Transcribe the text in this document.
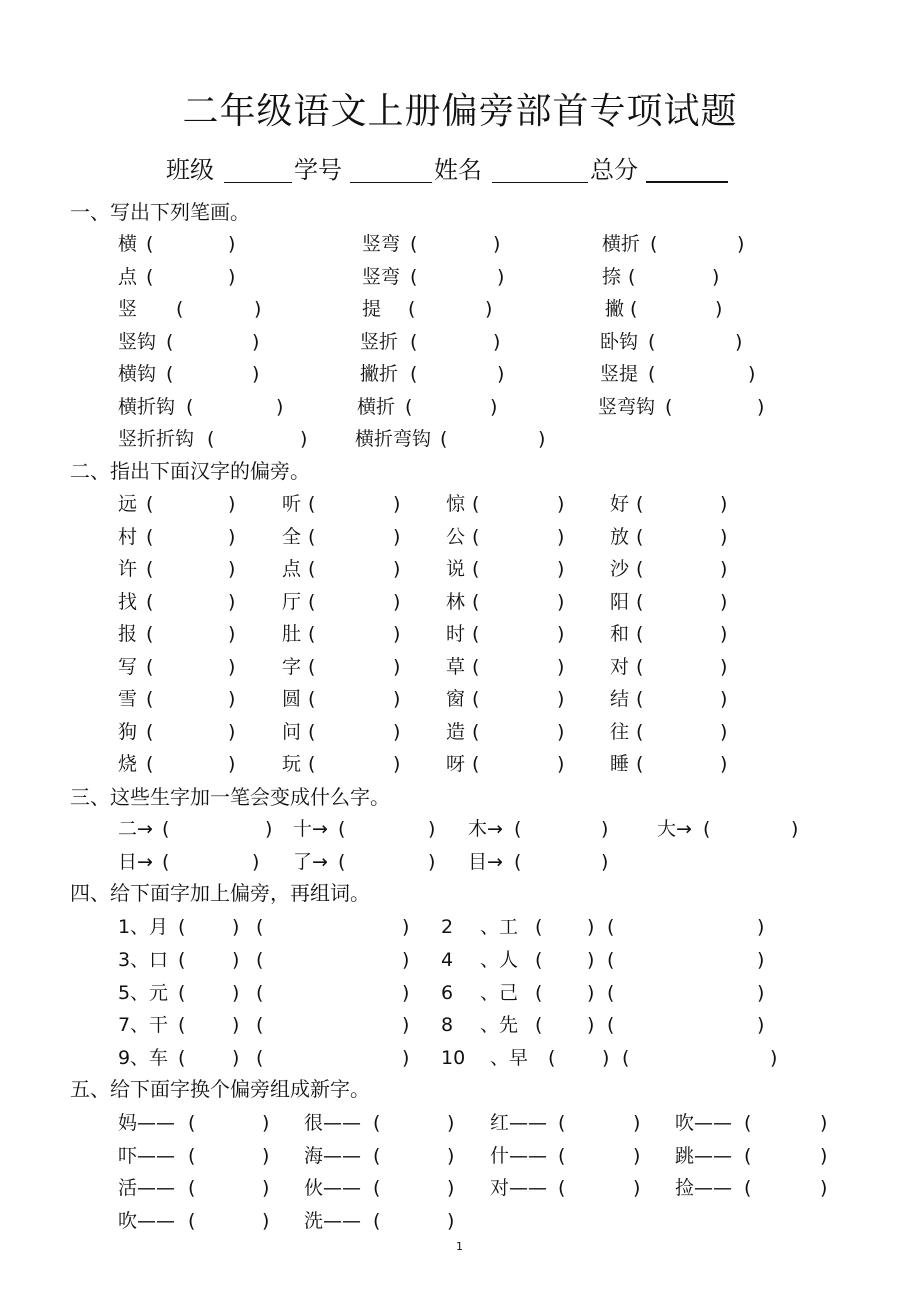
二年级语文上册偏旁部首专项试题
班级	学号	姓名	总分
一、写出下列笔画。
横 (	)	竖弯 (	)	横折 (	)
点 (	)	竖弯 (	)	捺 (	)
竖 (	)	提 (	)	撇 (	)
竖钩 (	)	竖折 (	)	卧钩 (	)
横钩 (	)	撇折 (	)	竖提 (	)
横折钩 (	)	横折 (	)	竖弯钩 (	)
竖折折钩 (	)	横折弯钩 (	)
二、指出下面汉字的偏旁。
远 (	) 听 (	) 惊 (	) 好 (	)
村 (	) 全 (	) 公 (	) 放 (	)
许 (	) 点 (	) 说 (	) 沙 (	)
找 (	) 厅 (	) 林 (	) 阳 (	)
报 (	) 肚 (	) 时 (	) 和 (	)
写 (	) 字 (	) 草 (	) 对 (	)
雪 (	) 圆 (	) 窗 (	) 结 (	)
狗 (	) 问 (	) 造 (	) 往 (	)
烧 (	) 玩 (	) 呀 (	) 睡 (	)
三、这些生字加一笔会变成什么字。
二→ (	) 十→ (	) 木→ (	)	大→ (	)
日→ (	) 了→ (	) 目→ (	)
四、给下面字加上偏旁，再组词。
1 、月 ( ) (	) 2 、工 ( ) (	)
3 、口 ( ) (	) 4 、人 ( ) (	)
5 、元 ( ) (	) 6 、己 ( ) (	)
7 、干 ( ) (	) 8 、先 ( ) (	)
9 、车 ( ) (	) 10 、早 ( ) (	)
五、给下面字换个偏旁组成新字。
妈—— (	) 很—— (	) 红—— (	) 吹—— (	)
吓—— (	) 海—— (	) 什—— (	) 跳—— (	)
活—— (	) 伙—— (	) 对—— (	) 捡—— (	)
吹—— (	) 洗—— (	)
1
